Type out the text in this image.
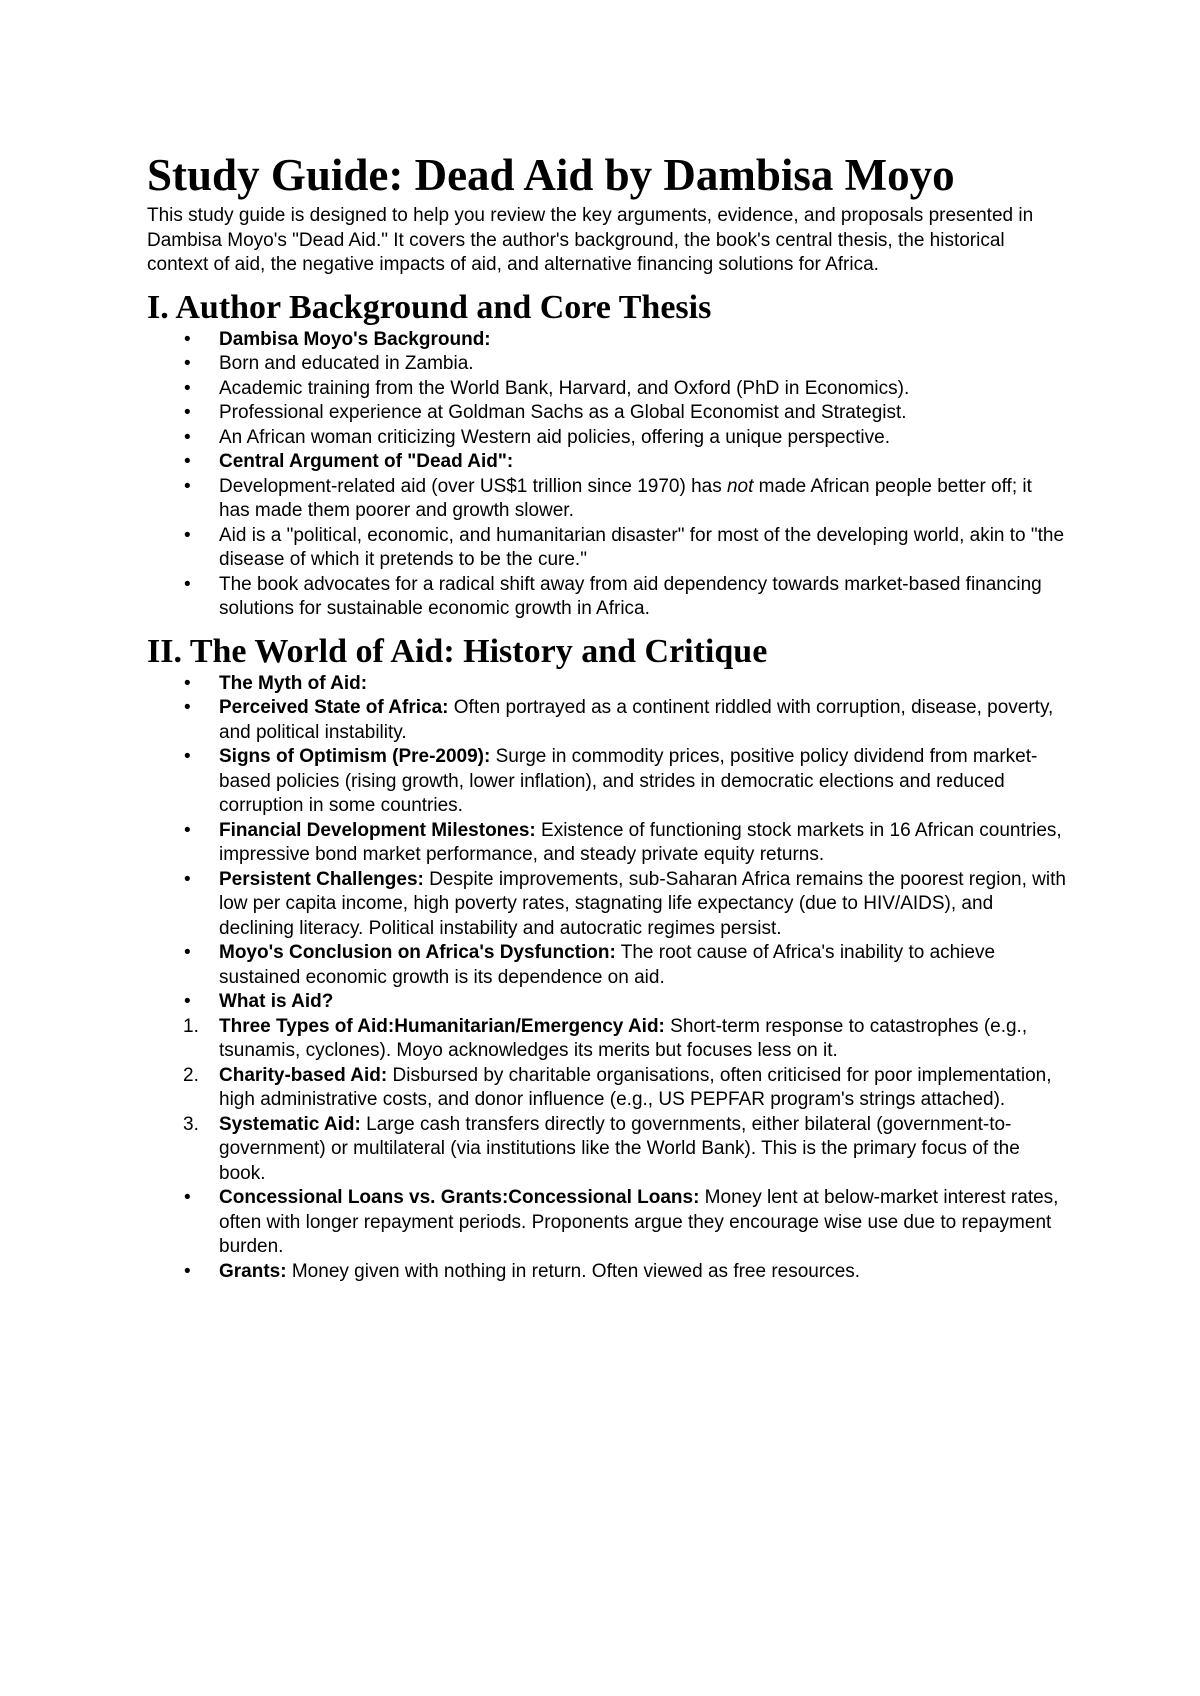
Study Guide: Dead Aid by Dambisa Moyo

This study guide is designed to help you review the key arguments, evidence, and proposals presented in Dambisa Moyo's "Dead Aid." It covers the author's background, the book's central thesis, the historical context of aid, the negative impacts of aid, and alternative financing solutions for Africa.

I. Author Background and Core Thesis
• Dambisa Moyo's Background:
• Born and educated in Zambia.
• Academic training from the World Bank, Harvard, and Oxford (PhD in Economics).
• Professional experience at Goldman Sachs as a Global Economist and Strategist.
• An African woman criticizing Western aid policies, offering a unique perspective.
• Central Argument of "Dead Aid":
• Development-related aid (over US$1 trillion since 1970) has not made African people better off; it has made them poorer and growth slower.
• Aid is a "political, economic, and humanitarian disaster" for most of the developing world, akin to "the disease of which it pretends to be the cure."
• The book advocates for a radical shift away from aid dependency towards market-based financing solutions for sustainable economic growth in Africa.
II. The World of Aid: History and Critique
• The Myth of Aid:
• Perceived State of Africa: Often portrayed as a continent riddled with corruption, disease, poverty, and political instability.
• Signs of Optimism (Pre-2009): Surge in commodity prices, positive policy dividend from market-based policies (rising growth, lower inflation), and strides in democratic elections and reduced corruption in some countries.
• Financial Development Milestones: Existence of functioning stock markets in 16 African countries, impressive bond market performance, and steady private equity returns.
• Persistent Challenges: Despite improvements, sub-Saharan Africa remains the poorest region, with low per capita income, high poverty rates, stagnating life expectancy (due to HIV/AIDS), and declining literacy. Political instability and autocratic regimes persist.
• Moyo's Conclusion on Africa's Dysfunction: The root cause of Africa's inability to achieve sustained economic growth is its dependence on aid.
• What is Aid?
1. Three Types of Aid:Humanitarian/Emergency Aid: Short-term response to catastrophes (e.g., tsunamis, cyclones). Moyo acknowledges its merits but focuses less on it.
2. Charity-based Aid: Disbursed by charitable organisations, often criticised for poor implementation, high administrative costs, and donor influence (e.g., US PEPFAR program's strings attached).
3. Systematic Aid: Large cash transfers directly to governments, either bilateral (government-to-government) or multilateral (via institutions like the World Bank). This is the primary focus of the book.
• Concessional Loans vs. Grants:Concessional Loans: Money lent at below-market interest rates, often with longer repayment periods. Proponents argue they encourage wise use due to repayment burden.
• Grants: Money given with nothing in return. Often viewed as free resources.
